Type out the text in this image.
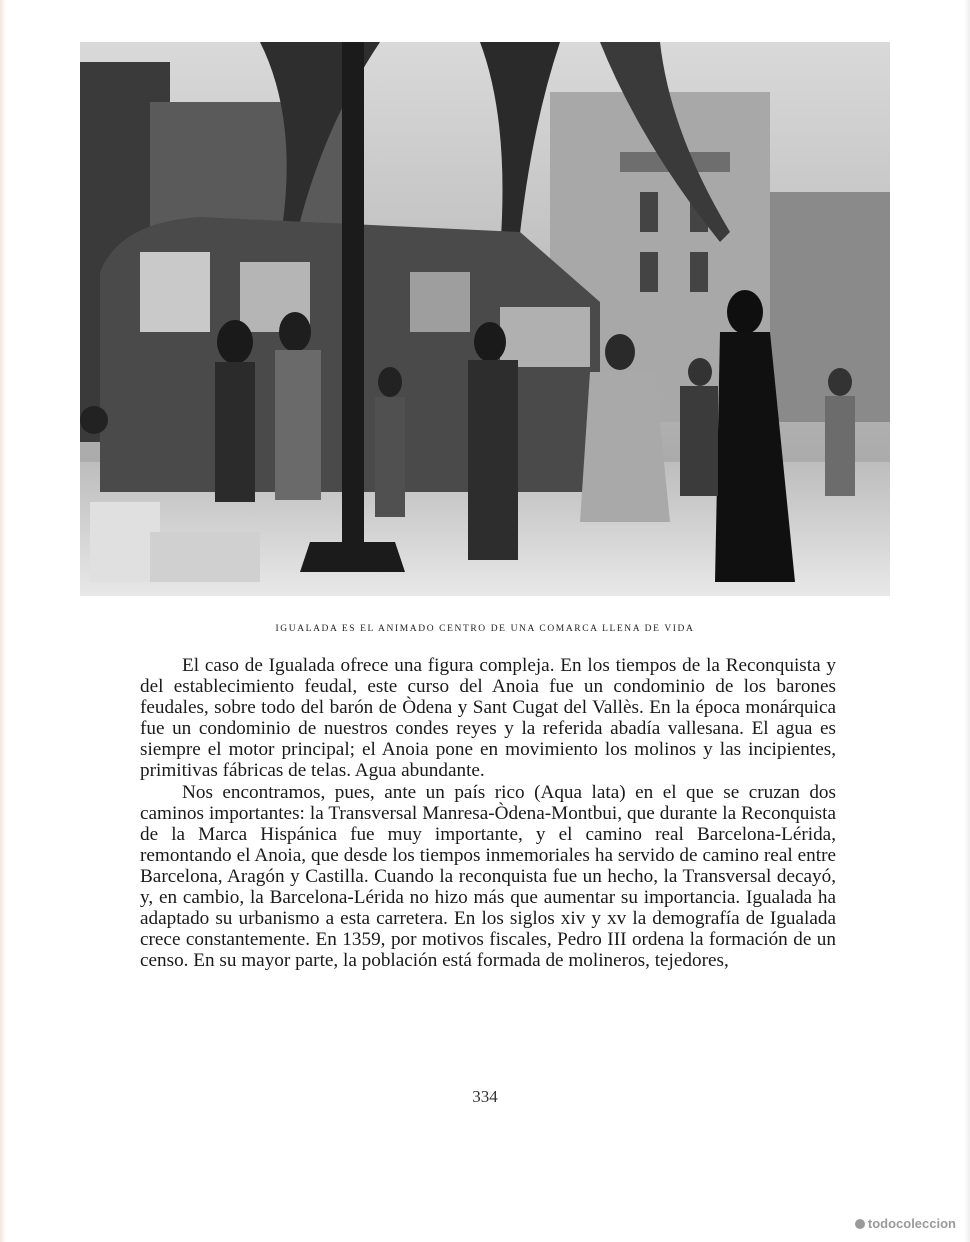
IGUALADA ES EL ANIMADO CENTRO DE UNA COMARCA LLENA DE VIDA

El caso de Igualada ofrece una figura compleja. En los tiempos de la Reconquista y del establecimiento feudal, este curso del Anoia fue un condominio de los barones feudales, sobre todo del barón de Òdena y Sant Cugat del Vallès. En la época monárquica fue un condominio de nuestros condes reyes y la referida abadía vallesana. El agua es siempre el motor principal; el Anoia pone en movimiento los molinos y las incipientes, primitivas fábricas de telas. Agua abundante.

Nos encontramos, pues, ante un país rico (Aqua lata) en el que se cruzan dos caminos importantes: la Transversal Manresa-Òdena-Montbui, que durante la Reconquista de la Marca Hispánica fue muy importante, y el camino real Barcelona-Lérida, remontando el Anoia, que desde los tiempos inmemoriales ha servido de camino real entre Barcelona, Aragón y Castilla. Cuando la reconquista fue un hecho, la Transversal decayó, y, en cambio, la Barcelona-Lérida no hizo más que aumentar su importancia. Igualada ha adaptado su urbanismo a esta carretera. En los siglos xiv y xv la demografía de Igualada crece constantemente. En 1359, por motivos fiscales, Pedro III ordena la formación de un censo. En su mayor parte, la población está formada de molineros, tejedores,

334
todocoleccion
